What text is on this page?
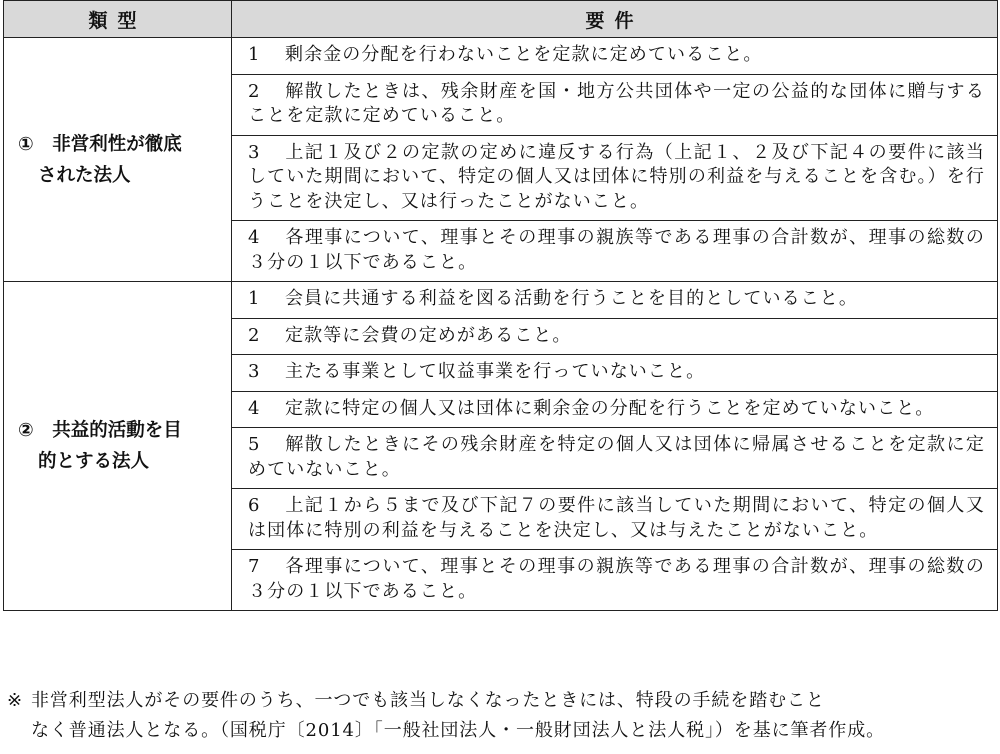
類型	要件

①　 非営利性が徹底
された法人	1 剰余金の分配を行わないことを定款に定めていること。
	2 解散したときは、残余財産を国・地方公共団体や一定の公益的な団体に贈与することを定款に定めていること。
	3 上記１及び２の定款の定めに違反する行為（上記１、２及び下記４の要件に該当していた期間において、特定の個人又は団体に特別の利益を与えることを含む。）を行うことを決定し、又は行ったことがないこと。
	4 各理事について、理事とその理事の親族等である理事の合計数が、理事の総数の３分の１以下であること。

②　 共益的活動を目
的とする法人	1 会員に共通する利益を図る活動を行うことを目的としていること。
	2 定款等に会費の定めがあること。
	3 主たる事業として収益事業を行っていないこと。
	4 定款に特定の個人又は団体に剰余金の分配を行うことを定めていないこと。
	5 解散したときにその残余財産を特定の個人又は団体に帰属させることを定款に定めていないこと。
	6 上記１から５まで及び下記７の要件に該当していた期間において、特定の個人又は団体に特別の利益を与えることを決定し、又は与えたことがないこと。
	7 各理事について、理事とその理事の親族等である理事の合計数が、理事の総数の３分の１以下であること。
※ 非営利型法人がその要件のうち、一つでも該当しなくなったときには、特段の手続を踏むこと
なく普通法人となる。（国税庁〔2014〕「一般社団法人・一般財団法人と法人税」）を基に筆者作成。
